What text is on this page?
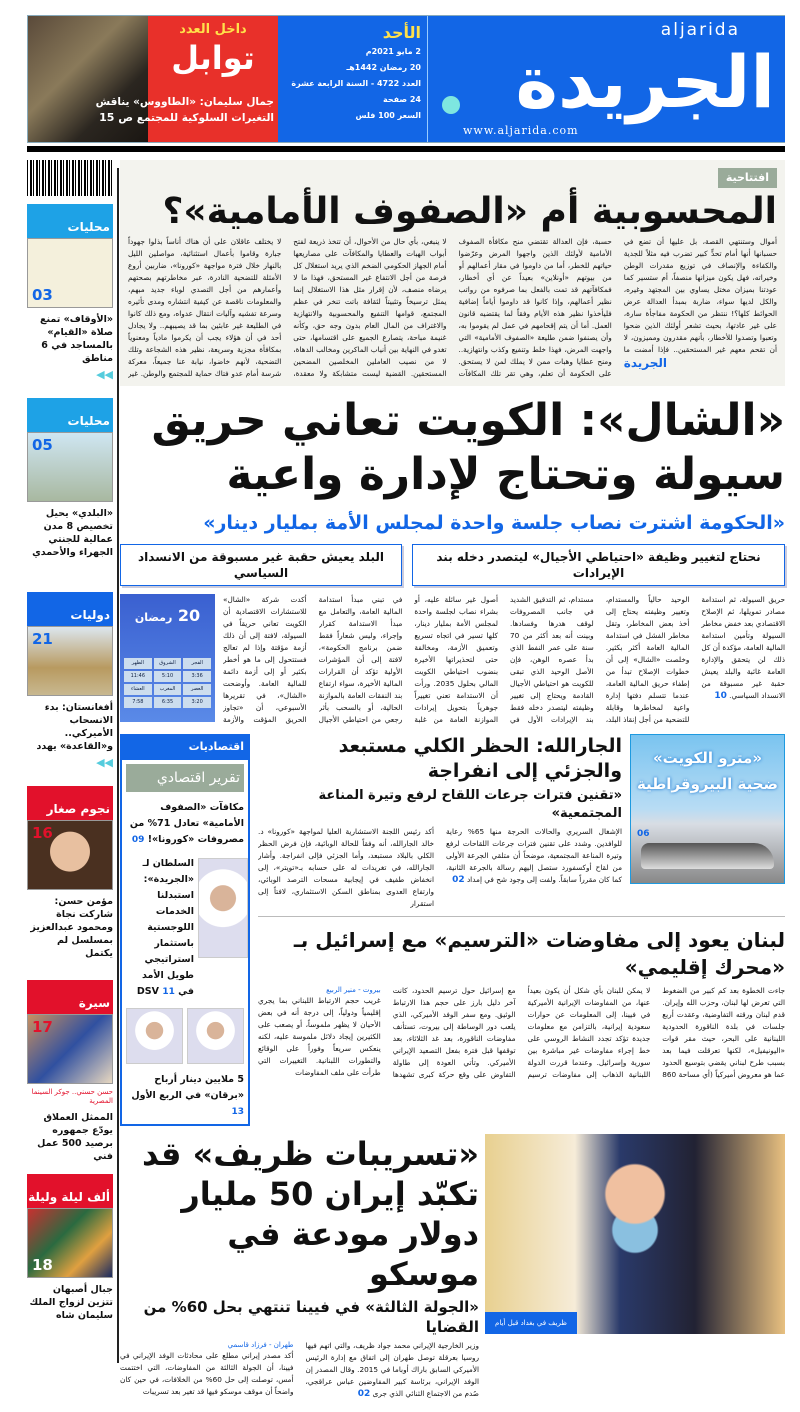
داخل العدد
توابل
جمال سليمان: «الطاووس» يناقش التغيرات السلوكية للمجتمع ص 15
الأحد
2 مايو 2021م
20 رمضان 1442هـ
العدد 4722 - السنة الرابعة عشرة
24 صفحة
السعر 100 فلس
aljarida
الجريدة
www.aljarida.com
محليات
03
«الأوقاف» تمنع صلاة «القيام» بالمساجد في 6 مناطق
◀◀
محليات
05
«البلدي» يحيل تخصيص 8 مدن عمالية للجنتي الجهراء والأحمدي
دوليات
21
أفغانستان: بدء الانسحاب الأميركي.. و«القاعدة» يهدد
◀◀
نجوم صغار
16
مؤمن حسن: شاركت نجاة ومحمود عبدالعزيز بمسلسل لم يكتمل
سيرة
17
حسن حسني.. جوكر السينما المصرية
الممثل العملاق يودّع جمهوره برصيد 500 عمل فني
ألف ليلة وليلة
18
جبال أصبهان تتزين لزواج الملك سليمان شاه
افتتاحية
المحسوبية أم «الصفوف الأمامية»؟
لا يختلف عاقلان على أن هناك أناساً بذلوا جهوداً جبارة وقاموا بأعمال استثنائية، مواصلين الليل بالنهار خلال فترة مواجهة «كورونا»، ضاربين أروع الأمثلة للتضحية النادرة، عبر مخاطرتهم بصحتهم وأعمارهم من أجل التصدي لوباء جديد مبهم، والمعلومات ناقصة عن كيفية انتشاره ومدى تأثيره وسرعة تفشيه وآليات انتقال عدواه، ومع ذلك كانوا في الطليعة غير عابئين بما قد يصيبهم.. ولا يجادل أحد في أن هؤلاء يجب أن يكرموا مادياً ومعنوياً بمكافأة مجزية وسريعة، نظير هذه الشجاعة وتلك التضحية، لأنهم خاضوا، نيابة عنا جميعاً، معركة شرسة أمام عدو فتاك حماية للمجتمع والوطن. غير
لا ينبغي، بأي حال من الأحوال، أن تتخذ ذريعة لفتح أبواب الهبات والعطايا والمكافآت على مصاريعها أمام الجهاز الحكومي الضخم الذي يريد استغلال كل فرصة من أجل الانتفاع غير المستحق، فهذا ما لا يرضاه منصف، لأن إقرار مثل هذا الاستغلال إنما يمثل ترسيخاً وتثبيتاً لثقافة باتت تنخر في عظم المجتمع، قوامها التنفيع والمحسوبية والانتهازية والاغتراف من المال العام بدون وجه حق، وكأنه غنيمة مباحة، يتصارع الجميع على اقتسامها، حتى تغدو في النهاية بين أنياب الماكرين ومخالب الدهاة، لا من نصيب العاملين المخلصين المضحين المستحقين. القضية ليست متشابكة ولا معقدة،
حسبة، فإن العدالة تقتضي منح مكافأة الصفوف الأمامية لأولئك الذين واجهوا المرض وعرّضوا حياتهم للخطر، أما من داوموا في مقار أعمالهم أو من بيوتهم «أونلاين» بعيداً عن أي أخطار، فمكافآتهم قد تمت بالفعل بما صرفوه من رواتب نظير أعمالهم، وإذا كانوا قد داوموا أياماً إضافية فليأخذوا نظير هذه الأيام وفقاً لما يقتضيه قانون العمل. أما أن يتم إقحامهم في عمل لم يقوموا به، وأن يصنفوا ضمن طليعة «الصفوف الأمامية» التي واجهت المرض، فهذا خلط وتنفيع وكذب وانتهازية.. ومنح عطايا وهبات ممن لا يملك لمن لا يستحق. على الحكومة أن تعلم، وهي تقر تلك المكافآت
أموال وستنتهي القصة، بل عليها أن تضع في حسبانها أنها أمام تحدٍّ كبير تضرب فيه مثلاً للجدية والكفاءة والإنصاف في توزيع مقدرات الوطن وخيراته، فهل يكون ميزانها منصفاً، أم ستسير كما عودتنا بميزان مختل يساوي بين المجتهد وغيره، والكل لديها سواء، ضاربة بمبدأ العدالة عرض الحوائط كلها؟! ننتظر من الحكومة مفاجأة سارة، على غير عادتها، بحيث تشعر أولئك الذين ضحوا وتعبوا وتصدوا للأخطار، بأنهم مقدرون ومميزون، لا أن تقحم معهم غير المستحقين.. فإذا أمضت ما
الجريدة
«الشال»: الكويت تعاني حريق سيولة وتحتاج لإدارة واعية
«الحكومة اشترت نصاب جلسة واحدة لمجلس الأمة بمليار دينار»
البلد يعيش حقبة غير مسبوقة من الانسداد السياسي
نحتاج لتغيير وظيفة «احتياطي الأجيال» ليتصدر دخله بند الإيرادات
20 رمضان
الفجر
الشروق
الظهر
3:36
5:10
11:46
العصر
المغرب
العشاء
3:20
6:35
7:58
أكدت شركة «الشال» للاستشارات الاقتصادية أن الكويت تعاني حريقاً في السيولة، لافتة إلى أن ذلك أزمة مؤقتة وإذا لم تعالج فستتحول إلى ما هو أخطر بكثير أو إلى أزمة دائمة للمالية العامة. وأوضحت «الشال»، في تقريرها الأسبوعي، أن «تجاوز الحريق المؤقت والأزمة
في تبني مبدأ استدامة المالية العامة، والتعامل مع مبدأ الاستدامة كقرار وإجراء، وليس شعاراً فقط ضمن برنامج الحكومة»، لافتة إلى أن المؤشرات الأولية تؤكد أن القرارات المالية الأخيرة، سواء ارتفاع بند النفقات العامة بالموازنة الحالية، أو بالسحب بأثر رجعي من احتياطي الأجيال
أصول غير سائلة عليه، أو بشراء نصاب لجلسة واحدة لمجلس الأمة بمليار دينار، كلها تسير في اتجاه تسريع وتعميق الأزمة، ومخالفة حتى لتحذيراتها الأخيرة بنضوب احتياطي الكويت المالي بحلول 2035. ورأت أن الاستدامة تعني تغييراً جوهرياً بتحويل إيرادات الموازنة العامة من غلبة
مستدام، ثم التدقيق الشديد في جانب المصروفات لوقف هدرها وفسادها. وبينت أنه بعد أكثر من 70 سنة على عمر النفط الذي بدأ عصره الوهن، فإن الأصل الوحيد الذي تبقى للكويت هو احتياطي الأجيال القادمة ويحتاج إلى تغيير وظيفته ليتصدر دخله فقط بند الإيرادات الأول في
الوحيد حالياً والمستدام، وتغيير وظيفته يحتاج إلى أخذ بعض المخاطر، وتقل مخاطر الفشل في استدامة المالية العامة أكثر بكثير. وخلصت «الشال» إلى أن خطوات الإصلاح تبدأ من إطفاء حريق المالية العامة، عندما تتسلم دفتها إدارة واعية لمخاطرها وقابلة للتضحية من أجل إنقاذ البلد،
حريق السيولة، ثم استدامة مصادر تمويلها، ثم الإصلاح الاقتصادي بعد خفض مخاطر السيولة وتأمين استدامة المالية العامة، مؤكدة أن كل ذلك لن يتحقق والإدارة العامة غائبة والبلد يعيش حقبة غير مسبوقة من الانسداد السياسي. 10
اقتصاديات
تقرير اقتصادي
مكافآت «الصفوف الأمامية» تعادل 71% من مصروفات «كورونا»! 09
السلطان لـ «الجريدة»: استبدلنا الخدمات اللوجستية باستثمار استراتيجي طويل الأمد في DSV 11
5 ملايين دينار أرباح «برقان» في الربع الأول 13
الجارالله: الحظر الكلي مستبعد والجزئي إلى انفراجة
«تقنين فترات جرعات اللقاح لرفع وتيرة المناعة المجتمعية»
أكد رئيس اللجنة الاستشارية العليا لمواجهة «كورونا» د. خالد الجارالله، أنه وفقاً للحالة الوبائية، فإن فرض الحظر الكلي بالبلاد مستبعد، وأما الجزئي فإلى انفراجة. وأشار الجارالله، في تغريدات له على حسابه بـ«تويتر»، إلى انخفاض طفيف في إيجابية مسحات الترصد الوبائي، وارتفاع العدوى بمناطق السكن الاستثماري، لافتاً إلى استقرار
الإشغال السريري والحالات الحرجة منها 65% رعاية للوافدين. وشدد على تقنين فترات جرعات اللقاحات لرفع وتيرة المناعة المجتمعية، موضحاً أن متلقي الجرعة الأولى من لقاح أوكسفورد ستصل إليهم رسالة بالجرعة الثانية، كما كان مقرراً سابقاً. ولفت إلى وجود شح في إمداد 02
«مترو الكويت» ضحية البيروقراطية
06
لبنان يعود إلى مفاوضات «الترسيم» مع إسرائيل بـ «محرك إقليمي»
بيروت - منير الربيع
غريب حجم الارتباط اللبناني بما يجري إقليمياً ودولياً، إلى درجة أنه في بعض الأحيان لا يظهر ملموساً، أو يصعب على الكثيرين إيجاد دلائل ملموسة عليه، لكنه ينعكس سريعاً وفوراً على الوقائع والتطورات اللبنانية. التغييرات التي طرأت على ملف المفاوضات
مع إسرائيل حول ترسيم الحدود، كانت آخر دليل بارز على حجم هذا الارتباط الوثيق. ومع سفر الوفد الأميركي، الذي يلعب دور الوساطة إلى بيروت، تستأنف مفاوضات الناقورة، بعد غد الثلاثاء، بعد توقفها قبل فترة بفعل التصعيد الإيراني الأميركي. وتأتي العودة إلى طاولة التفاوض على وقع حركة كبرى تشهدها
لا يمكن للبنان بأي شكل أن يكون بعيداً عنها، من المفاوضات الإيرانية الأميركية في فيينا، إلى المعلومات عن حوارات سعودية إيرانية، بالتزامن مع معلومات جديدة تؤكد تجدد النشاط الروسي على خط إجراء مفاوضات غير مباشرة بين سورية وإسرائيل. وعندما قررت الدولة اللبنانية الذهاب إلى مفاوضات ترسيم
جاءت الخطوة بعد كم كبير من الضغوط التي تعرض لها لبنان، وحزب الله وإيران. قدم لبنان ورقته التفاوضية، وعقدت أربع جلسات في بلدة الناقورة الحدودية اللبنانية على البحر، حيث مقر قوات «اليونيفيل»، لكنها تعرقلت فيما بعد بسبب طرح لبناني يقضي بتوسيع الحدود عما هو معروض أميركياً (أي مساحة 860
«تسريبات ظريف» قد تكبّد إيران 50 مليار دولار مودعة في موسكو
«الجولة الثالثة» في فيينا تنتهي بحل 60% من القضايا
طهران - فرزاد قاسمي
أكد مصدر إيراني مطلع على محادثات الوفد الإيراني في فيينا، أن الجولة الثالثة من المفاوضات، التي اختتمت أمس، توصلت إلى حل 60% من الخلافات، في حين كان واضحاً أن موقف موسكو فيها قد تغير بعد تسريبات
وزير الخارجية الإيراني محمد جواد ظريف، والتي اتهم فيها روسيا بعرقلة توصل طهران إلى اتفاق مع إدارة الرئيس الأميركي السابق باراك أوباما في 2015. وقال المصدر إن الوفد الإيراني، برئاسة كبير المفاوضين عباس عراقجي، صُدم من الاجتماع الثنائي الذي جرى 02
ظريف في بغداد قبل أيام
